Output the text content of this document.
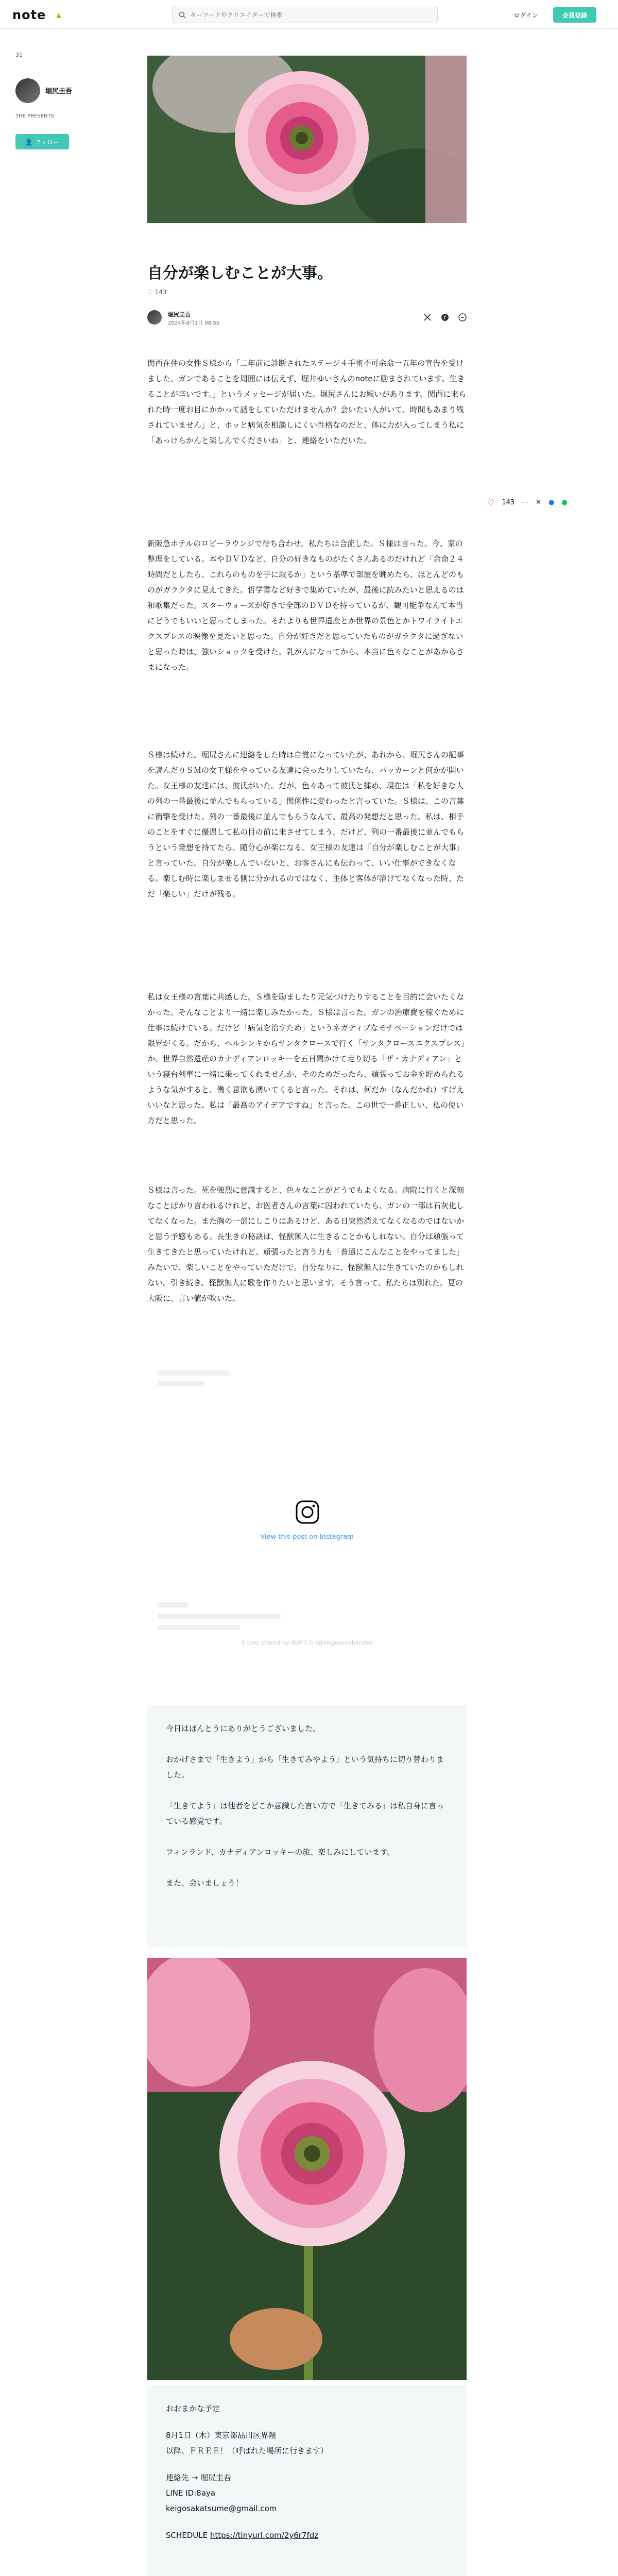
note
キーワードやクリエイターで検索	ログイン	会員登録
31
堀尻圭吾
THE PRESENTS
👤 フォロー
自分が楽しむことが大事。
♡ 143
堀尻圭吾
2024年8月1日 08:55
f

関西在住の女性Ｓ様から「二年前に診断されたステージ４手術不可余命一五年の宣告を受けました。ガンであることを周囲には伝えず、堀井ゆいさんのnoteに励まされています。生きることが辛いです。」というメッセージが届いた。堀尻さんにお願いがあります。関西に来られた時一度お目にかかって話をしていただけませんか？会いたい人がいて、時間もあまり残されていません」と、ホッと病気を相談しにくい性格なのだと、体に力が入ってしまう私に「あっけらかんと楽しんでくださいね」と、連絡をいただいた。

新阪急ホテルのロビーラウンジで待ち合わせ。私たちは合流した。Ｓ様は言った。今、家の整理をしている。本やＤＶＤなど、自分の好きなものがたくさんあるのだけれど「余命２４時間だとしたら、これらのものを手に取るか」という基準で部屋を眺めたら、ほとんどのものがガラクタに見えてきた。哲学書など好きで集めていたが、最後に読みたいと思えるのは和歌集だった。スターウォーズが好きで全部のＤＶＤを持っているが、観可能争なんて本当にどうでもいいと思ってしまった。それよりも世界遺産とか世界の景色とかトワイライトエクスプレスの映像を見たいと思った。自分が好きだと思っていたものがガラクタに過ぎないと思った時は、強いショックを受けた。乳がんになってから、本当に色々なことがあからさまになった。

Ｓ様は続けた。堀尻さんに連絡をした時は自覚になっていたが、あれから、堀尻さんの記事を読んだりＳＭの女王様をやっている友達に会ったりしていたら、バッカーンと何かが開いた。女王様の友達には、彼氏がいた。だが、色々あって彼氏と揉め、現在は「私を好きな人の列の一番最後に並んでもらっている」関係性に変わったと言っていた。Ｓ様は、この言葉に衝撃を受けた。列の一番最後に並んでもらうなんて、最高の発想だと思った。私は、相手のことをすぐに優遇して私の目の前に来させてしまう。だけど、列の一番最後に並んでもらうという発想を持てたら、随分心が楽になる。女王様の友達は「自分が楽しむことが大事」と言っていた。自分が楽しんでいないと、お客さんにも伝わって、いい仕事ができなくなる。楽しむ時に楽しませる側に分かれるのではなく、主体と客体が溶けてなくなった時、ただ「楽しい」だけが残る。

私は女王様の言葉に共感した。Ｓ様を励ましたり元気づけたりすることを目的に会いたくなかった。そんなことより一緒に楽しみたかった。Ｓ様は言った。ガンの治療費を稼ぐために仕事は続けている。だけど「病気を治すため」というネガティブなモチベーションだけでは限界がくる。だから、ヘルシンキからサンタクロースで行く「サンタクロースエクスプレス」か、世界自然遺産のカナディアンロッキーを五日間かけて走り切る「ザ・カナディアン」という寝台列車に一緒に乗ってくれませんか、そのためだったら、頑張ってお金を貯められるような気がすると、働く意欲も湧いてくると言った。それは、何だか（なんだかね）すげえいいなと思った。私は「最高のアイデアですね」と言った。この世で一番正しい、私の使い方だと思った。

Ｓ様は言った。死を強烈に意識すると、色々なことがどうでもよくなる。病院に行くと深刻なことばかり言われるけれど、お医者さんの言葉に囚われていたら、ガンの一部は石灰化してなくなった。また胸の一部にしこりはあるけど、ある日突然消えてなくなるのではないかと思う予感もある。長生きの秘訣は、怪獣無人に生きることかもしれない。自分は頑張って生きてきたと思っていたけれど、頑張ったと言う力も「普通にこんなことをやってました」みたいで、楽しいことをやっていただけで。自分なりに、怪獣無人に生きていたのかもしれない。引き続き、怪獣無人に歌を作りたいと思います。そう言って、私たちは別れた。夏の大阪に、言い値が吹いた。

♡ 143 ⋯ ✕ ● ●
View this post on Instagram
A post shared by 堀尻圭吾 (@keigoxxxxbarato)

今日はほんとうにありがとうございました。

おかげさまで「生きよう」から「生きてみやよう」という気持ちに切り替わりました。

「生きてよう」は他者をどこか意識した言い方で「生きてみる」は私自身に言っている感覚です。

フィンランド、カナディアンロッキーの旅、楽しみにしています。

また、会いましょう！

おおまかな予定

8月1日（木）東京都品川区界隈
以降、ＦＲＥＥ！（呼ばれた場所に行きます）

連絡先 → 堀尻圭吾
LINE ID:8aya
keigosakatsume@gmail.com

SCHEDULE https://tinyurl.com/2y6r7fdz
